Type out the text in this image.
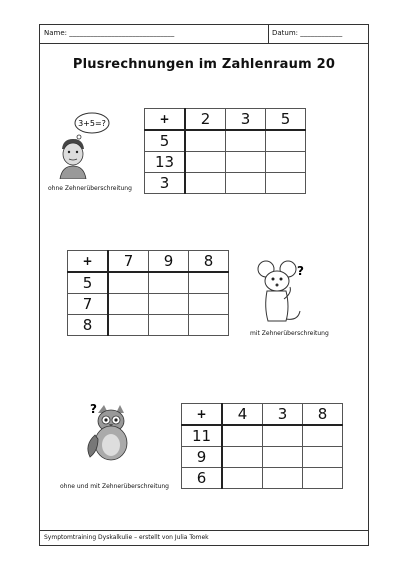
Name: ______________________________	Datum: ____________
Plusrechnungen im Zahlenraum 20
3+5=?
ohne Zehnerüberschreitung
+	2	3	5
5			
13			
3			
+	7	9	8
5			
7			
8			
?
mit Zehnerüberschreitung
?
ohne und mit Zehnerüberschreitung
+	4	3	8
11			
9			
6			
Symptomtraining Dyskalkulie – erstellt von Julia Tomek
